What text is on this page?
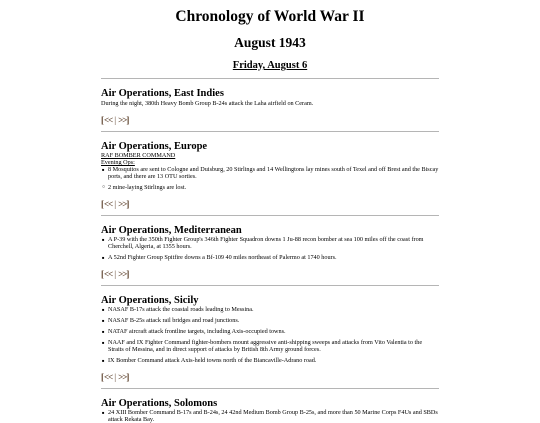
Chronology of World War II
August 1943
Friday, August 6
Air Operations, East Indies

During the night, 380th Heavy Bomb Group B-24s attack the Laha airfield on Ceram.

[<< | >>]
Air Operations, Europe
RAF BOMBER COMMAND
Evening Ops:
■ 8 Mosquitos are sent to Cologne and Duisburg, 20 Stirlings and 14 Wellingtons lay mines south of Texel and off Brest and the Biscay ports, and there are 13 OTU sorties.
○ 2 mine-laying Stirlings are lost.
[<< | >>]
Air Operations, Mediterranean
■ A P-39 with the 350th Fighter Group's 346th Fighter Squadron downs 1 Ju-88 recon bomber at sea 100 miles off the coast from Cherchell, Algeria, at 1355 hours.
■ A 52nd Fighter Group Spitfire downs a Bf-109 40 miles northeast of Palermo at 1740 hours.
[<< | >>]
Air Operations, Sicily
■ NASAF B-17s attack the coastal roads leading to Messina.
■ NASAF B-25s attack rail bridges and road junctions.
■ NATAF aircraft attack frontline targets, including Axis-occupied towns.
■ NAAF and IX Fighter Command fighter-bombers mount aggressive anti-shipping sweeps and attacks from Vito Valentia to the Straits of Messina, and in direct support of attacks by British 8th Army ground forces.
■ IX Bomber Command attack Axis-held towns north of the Biancaville-Adrano road.
[<< | >>]
Air Operations, Solomons
■ 24 XIII Bomber Command B-17s and B-24s, 24 42nd Medium Bomb Group B-25s, and more than 50 Marine Corps F4Us and SBDs attack Rekata Bay.
